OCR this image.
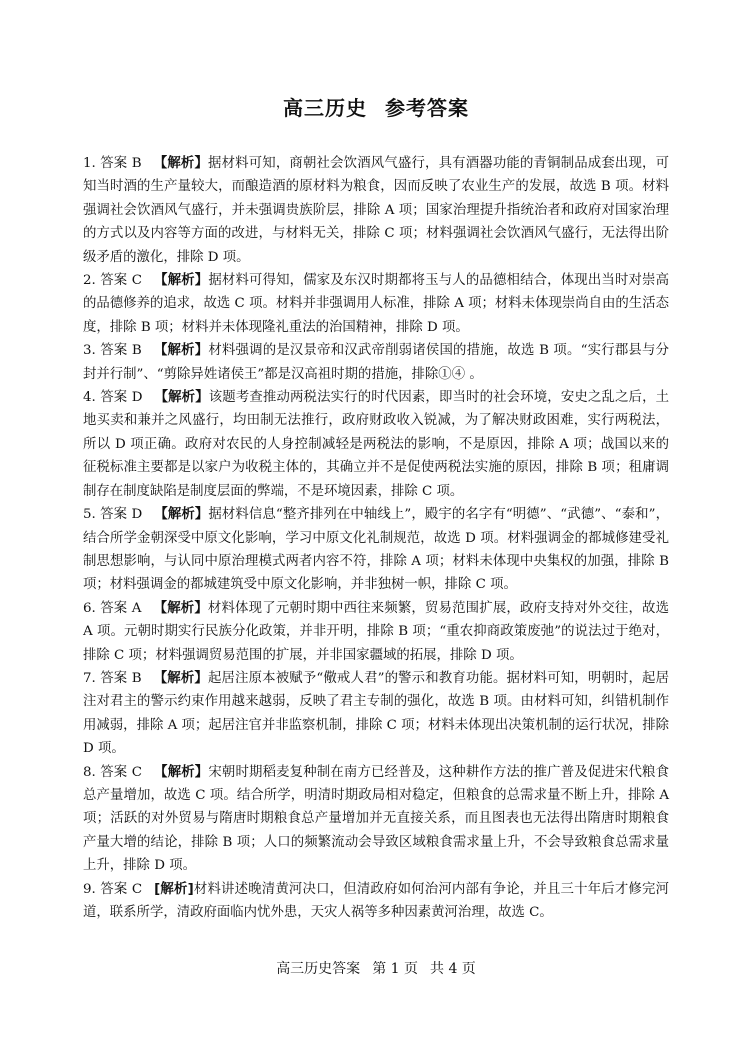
高三历史 参考答案

1. 答案 B 【解析】据材料可知，商朝社会饮酒风气盛行，具有酒器功能的青铜制品成套出现，可知当时酒的生产量较大，而酿造酒的原材料为粮食，因而反映了农业生产的发展，故选 B 项。材料强调社会饮酒风气盛行，并未强调贵族阶层，排除 A 项；国家治理提升指统治者和政府对国家治理的方式以及内容等方面的改进，与材料无关，排除 C 项；材料强调社会饮酒风气盛行，无法得出阶级矛盾的激化，排除 D 项。

2. 答案 C 【解析】据材料可得知，儒家及东汉时期都将玉与人的品德相结合，体现出当时对崇高的品德修养的追求，故选 C 项。材料并非强调用人标准，排除 A 项；材料未体现崇尚自由的生活态度，排除 B 项；材料并未体现隆礼重法的治国精神，排除 D 项。

3. 答案 B 【解析】材料强调的是汉景帝和汉武帝削弱诸侯国的措施，故选 B 项。“实行郡县与分封并行制”、“剪除异姓诸侯王”都是汉高祖时期的措施，排除①④ 。

4. 答案 D 【解析】该题考查推动两税法实行的时代因素，即当时的社会环境，安史之乱之后，土地买卖和兼并之风盛行，均田制无法推行，政府财政收入锐减，为了解决财政困难，实行两税法，所以 D 项正确。政府对农民的人身控制减轻是两税法的影响，不是原因，排除 A 项；战国以来的征税标准主要都是以家户为收税主体的，其确立并不是促使两税法实施的原因，排除 B 项；租庸调制存在制度缺陷是制度层面的弊端，不是环境因素，排除 C 项。

5. 答案 D 【解析】据材料信息“整齐排列在中轴线上”，殿宇的名字有“明德”、“武德”、“泰和”，结合所学金朝深受中原文化影响，学习中原文化礼制规范，故选 D 项。材料强调金的都城修建受礼制思想影响，与认同中原治理模式两者内容不符，排除 A 项；材料未体现中央集权的加强，排除 B 项；材料强调金的都城建筑受中原文化影响，并非独树一帜，排除 C 项。

6. 答案 A 【解析】材料体现了元朝时期中西往来频繁，贸易范围扩展，政府支持对外交往，故选 A 项。元朝时期实行民族分化政策，并非开明，排除 B 项；“重农抑商政策废弛”的说法过于绝对，排除 C 项；材料强调贸易范围的扩展，并非国家疆域的拓展，排除 D 项。

7. 答案 B 【解析】起居注原本被赋予“儆戒人君”的警示和教育功能。据材料可知，明朝时，起居注对君主的警示约束作用越来越弱，反映了君主专制的强化，故选 B 项。由材料可知，纠错机制作用减弱，排除 A 项；起居注官并非监察机制，排除 C 项；材料未体现出决策机制的运行状况，排除 D 项。

8. 答案 C 【解析】宋朝时期稻麦复种制在南方已经普及，这种耕作方法的推广普及促进宋代粮食总产量增加，故选 C 项。结合所学，明清时期政局相对稳定，但粮食的总需求量不断上升，排除 A 项；活跃的对外贸易与隋唐时期粮食总产量增加并无直接关系，而且图表也无法得出隋唐时期粮食产量大增的结论，排除 B 项；人口的频繁流动会导致区域粮食需求量上升，不会导致粮食总需求量上升，排除 D 项。

9. 答案 C [解析]材料讲述晚清黄河决口，但清政府如何治河内部有争论，并且三十年后才修完河道，联系所学，清政府面临内忧外患，天灾人祸等多种因素黄河治理，故选 C。

高三历史答案 第 1 页 共 4 页
